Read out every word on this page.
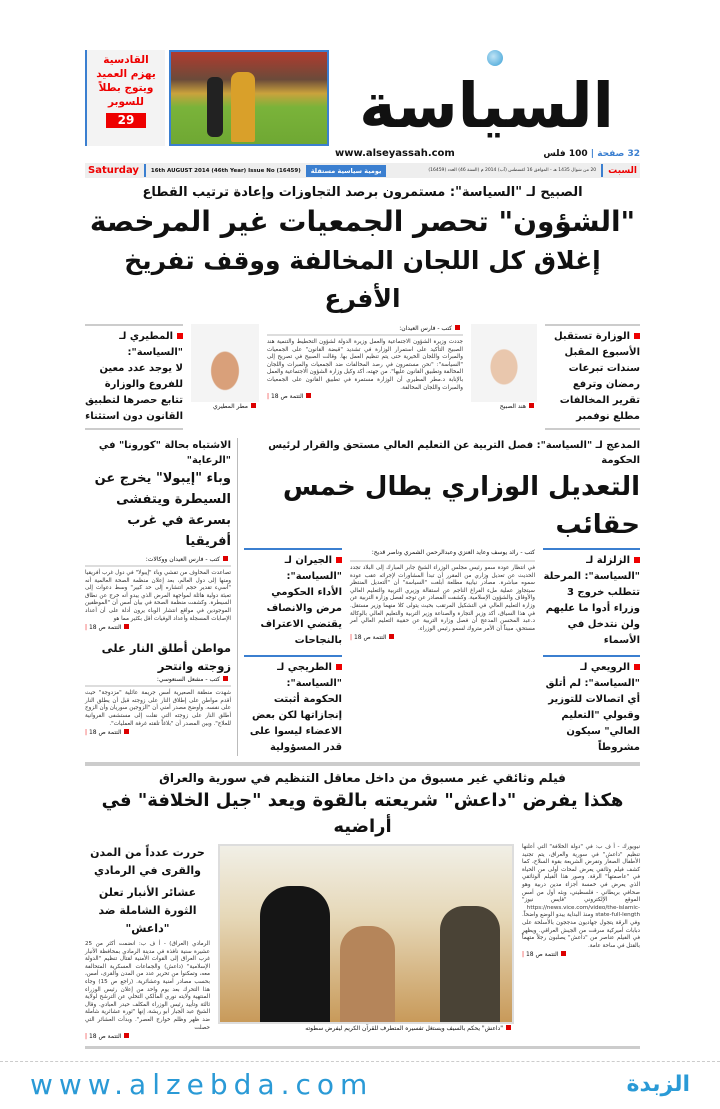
القادسية يهزم العميد ويتوج بطلاً للسوبر
29	السياسة
www.alseyassah.com	32 صفحة | 100 فلس
Saturday 16th AUGUST 2014 (46th Year) Issue No (16459)	يومية سياسية مستقلة	20 من شوال 1435 هـ - الموافق 16 اغسطس (آب) 2014 م (السنة 46) العدد (16459) السبت
الصبيح لـ "السياسة": مستمرون برصد التجاوزات وإعادة ترتيب القطاع
"الشؤون" تحصر الجمعيات غير المرخصة
إغلاق كل اللجان المخالفة ووقف تفريخ الأفرع
الوزارة تستقبل الأسبوع المقبل سندات تبرعات رمضان وترفع تقرير المخالفات مطلع نوفمبر
هند الصبيح
كتب - فارس العيدان:
جددت وزيرة الشؤون الاجتماعية والعمل وزيرة الدولة لشؤون التخطيط والتنمية هند الصبيح التأكيد على استمرار الوزارة في تشديد "قبضة القانون" على الجمعيات والمبرات واللجان الخيرية حتى يتم تنظيم العمل بها. وقالت الصبيح في تصريح إلى "السياسة": "نحن مستمرون في رصد المخالفات ضد الجمعيات والمبرات واللجان المخالفة وتطبيق القانون عليها". من جهته، أكد وكيل وزارة الشؤون الاجتماعية والعمل بالإنابة د.مطر المطيري أن الوزارة مستمرة في تطبيق القانون على الجمعيات والمبرات واللجان المخالفة.
| 18 التتمة ص
مطر المطيري
المطيري لـ "السياسة":
لا يوجد عدد معين للفروع والوزارة تتابع حصرها لتطبيق القانون دون استثناء
المدعج لـ "السياسة": فصل التربية عن التعليم العالي مستحق والقرار لرئيس الحكومة
التعديل الوزاري يطال خمس حقائب
الزلزلة لـ "السياسة": المرحلة تتطلب خروج 3 وزراء أدوا ما عليهم ولن نتدخل في الأسماء
الرويعي لـ "السياسة": لم أتلق أي اتصالات للتوزير وقبولي "التعليم العالي" سيكون مشروطاً
كتب - رائد يوسف وعايد العنزي وعبدالرحمن الشمري وناصر قديح:
في انتظار عودة سمو رئيس مجلس الوزراء الشيخ جابر المبارك إلى البلاد تجدد الحديث عن تعديل وزاري من المقرر أن تبدأ المشاورات لإجرائه عقب عودة سموه مباشرة. مصادر نيابية مطلعة أبلغت "السياسة" أن "التعديل المنتظر سيتجاوز عملية ملء الفراغ الناجم عن استقالة وزيري التربية والتعليم العالي والأوقاف والشؤون الإسلامية. وكشفت المصادر عن توجه لفصل وزارة التربية عن وزارة التعليم العالي في التشكيل المرتقب بحيث يتولى كلا منهما وزير مستقل. في هذا السياق، أكد وزير التجارة والصناعة وزير التربية والتعليم العالي بالوكالة د.عبد المحسن المدعج أن فصل وزارة التربية عن حقيبة التعليم العالي أمر مستحق، مبيناً أن الأمر متروك لسمو رئيس الوزراء.
| 18 التتمة ص
الجيران لـ "السياسة":
الأداء الحكومي مرض والانصاف يقتضي الاعتراف بالنجاحات
الطريجي لـ "السياسة":
الحكومة أثبتت إنجازاتها لكن بعض الاعضاء ليسوا على قدر المسؤولية
الاشتباه بحالة "كورونا" في "الرعاية"
وباء "إيبولا" يخرج عن السيطرة ويتفشى بسرعة في غرب أفريقيا
كتب - فارس العيدان ووكالات:
تصاعدت المخاوف من تفشي وباء "إيبولا" في دول غرب أفريقيا ومنها إلى دول العالم، بعد إعلان منظمة الصحة العالمية أنه "أسيء تقدير حجم انتشاره إلى حد كبير" وسط دعوات إلى تعبئة دولية هائلة لمواجهة المرض الذي يبدو أنه خرج عن نطاق السيطرة. وكشفت منظمة الصحة في بيان أمس أن "الموظفين الموجودين في مواقع انتشار الوباء يرون أدلة على أن أعداد الإصابات المسجلة وأعداد الوفيات أقل بكثير مما هو
| 18 التتمة ص
مواطن أطلق النار على زوجته وانتحر
كتب - مشعل السنعوسي:
شهدت منطقة الصعيرية أمس جريمة عائلية "مزدوجة" حيث أقدم مواطن على إطلاق النار على زوجته قبل أن يطلق النار على نفسه. وأوضح مصدر أمني أن "الزوجين سوريان وأن الزوج أطلق النار على زوجته التي نقلت إلى مستشفى الفروانية للعلاج". وبين المصدر أن "بلاغاً تلقته غرفة العمليات".
| 18 التتمة ص
فيلم وثائقي غير مسبوق من داخل معاقل التنظيم في سورية والعراق
هكذا يفرض "داعش" شريعته بالقوة ويعد "جيل الخلافة" في أراضيه
نيويورك - أ ف ب: في "دولة الخلافة" التي أعلنها تنظيم "داعش" في سورية والعراق، يتم تجنيد الأطفال الصغار وتفرض الشريعة بقوة السلاح، كما كشف فيلم وثائقي يعرض لمحات أولى من الحياة في "عاصمتها" الرقة. وصور هذا الفيلم الوثائقي الذي يعرض في خمسة أجزاء مدين دربية وهو صحافي بريطاني - فلسطيني، وبثه أول من أمس الموقع الإلكتروني "فايس نيوز" https://news.vice.com/video/the-islamic-state-full-length ومنذ البداية يبدو الوضع واضحاً. وفي الرقة يتجول جهاديون مدججون بالأسلحة على دبابات أميركية سرقت من الجيش العراقي. ويظهر في الفيلم عناصر من "داعش" يصلبون رجلاً متهماً بالقتل في ساحة عامة.
| 18 التتمة ص
"داعش" يحكم بالسيف ويستغل تفسيره المتطرف للقرآن الكريم ليفرض سطوته
حررت عدداً من المدن والقرى في الرمادي
عشائر الأنبار تعلن الثورة الشاملة ضد "داعش"
الرمادي (العراق) - أ ف ب: انضمت أكثر من 25 عشيرة سنية نافذة في مدينة الرمادي بمحافظة الأنبار غرب العراق إلى القوات الأمنية لقتال تنظيم "الدولة الإسلامية" (داعش) والجماعات العسكرية المتحالفة معه، وتمكنوا من تحرير عدد من المدن والقرى، أمس، بحسب مصادر أمنية وعشائرية. (راجع ص 15) وجاء هذا التحرك بعد يوم واحد من إعلان رئيس الوزراء المنتهية ولايته نوري المالكي التخلي عن الترشح لولاية ثالثة وتأييد رئيس الوزراء المكلف حيدر العبادي. وقال الشيخ عبد الجبار أبو ريشة، إنها "ثورة عشائرية شاملة ضد ظهر وظلم خوارج العصر". وبدأت العشائر التي حصلت
| 18 التتمة ص
www.alzebda.com	الزبدة
